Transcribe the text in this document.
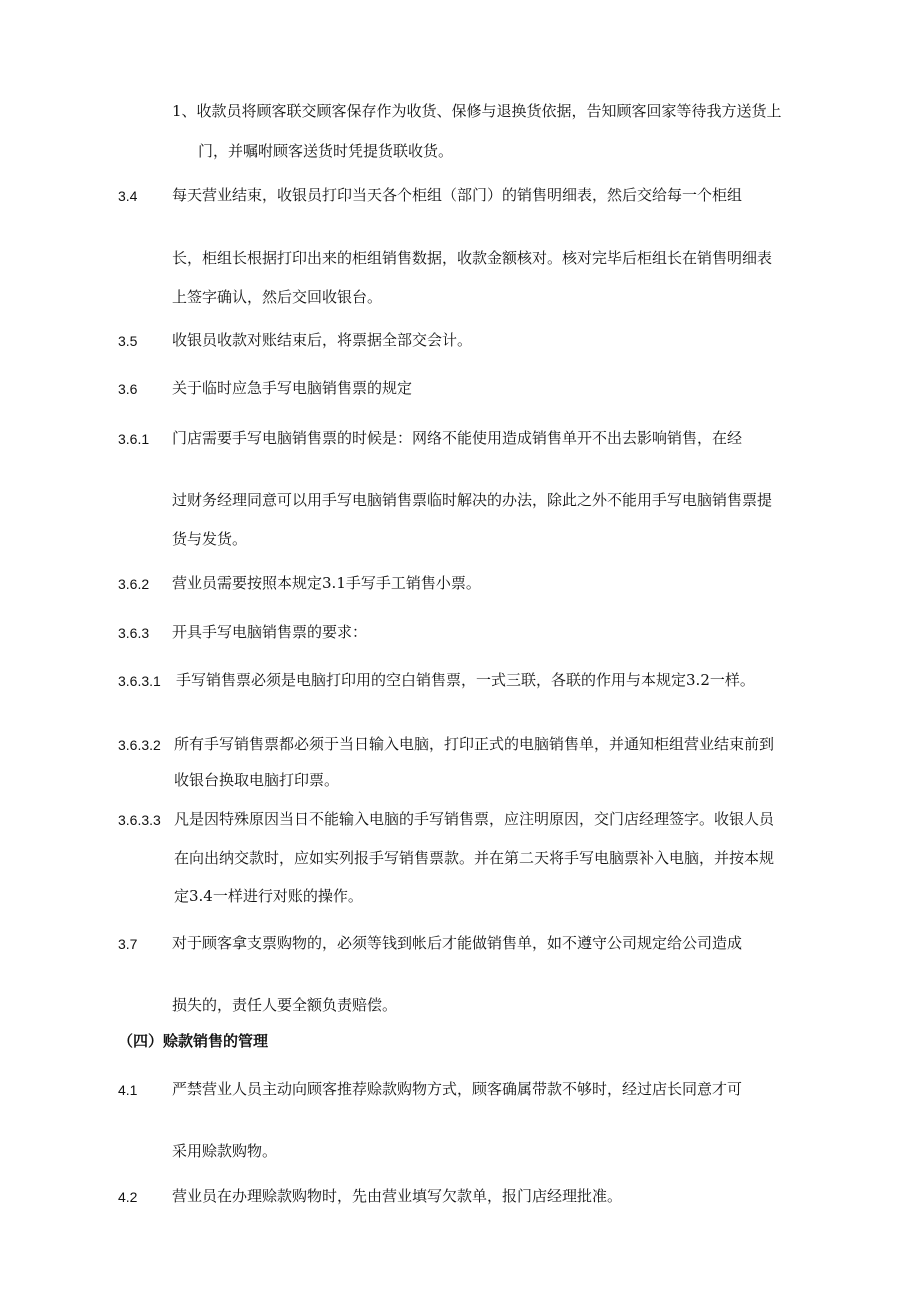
1、收款员将顾客联交顾客保存作为收货、保修与退换货依据，告知顾客回家等待我方送货上

门，并嘱咐顾客送货时凭提货联收货。

3.4 每天营业结束，收银员打印当天各个柜组（部门）的销售明细表，然后交给每一个柜组

长，柜组长根据打印出来的柜组销售数据，收款金额核对。核对完毕后柜组长在销售明细表

上签字确认，然后交回收银台。

3.5 收银员收款对账结束后，将票据全部交会计。

3.6 关于临时应急手写电脑销售票的规定

3.6.1 门店需要手写电脑销售票的时候是：网络不能使用造成销售单开不出去影响销售，在经

过财务经理同意可以用手写电脑销售票临时解决的办法，除此之外不能用手写电脑销售票提

货与发货。

3.6.2 营业员需要按照本规定3.1手写手工销售小票。

3.6.3 开具手写电脑销售票的要求：

3.6.3.1 手写销售票必须是电脑打印用的空白销售票，一式三联，各联的作用与本规定3.2一样。

3.6.3.2 所有手写销售票都必须于当日输入电脑，打印正式的电脑销售单，并通知柜组营业结束前到

收银台换取电脑打印票。

3.6.3.3 凡是因特殊原因当日不能输入电脑的手写销售票，应注明原因，交门店经理签字。收银人员

在向出纳交款时，应如实列报手写销售票款。并在第二天将手写电脑票补入电脑，并按本规

定3.4一样进行对账的操作。

3.7 对于顾客拿支票购物的，必须等钱到帐后才能做销售单，如不遵守公司规定给公司造成

损失的，责任人要全额负责赔偿。

（四）赊款销售的管理

4.1 严禁营业人员主动向顾客推荐赊款购物方式，顾客确属带款不够时，经过店长同意才可

采用赊款购物。

4.2 营业员在办理赊款购物时，先由营业填写欠款单，报门店经理批准。
